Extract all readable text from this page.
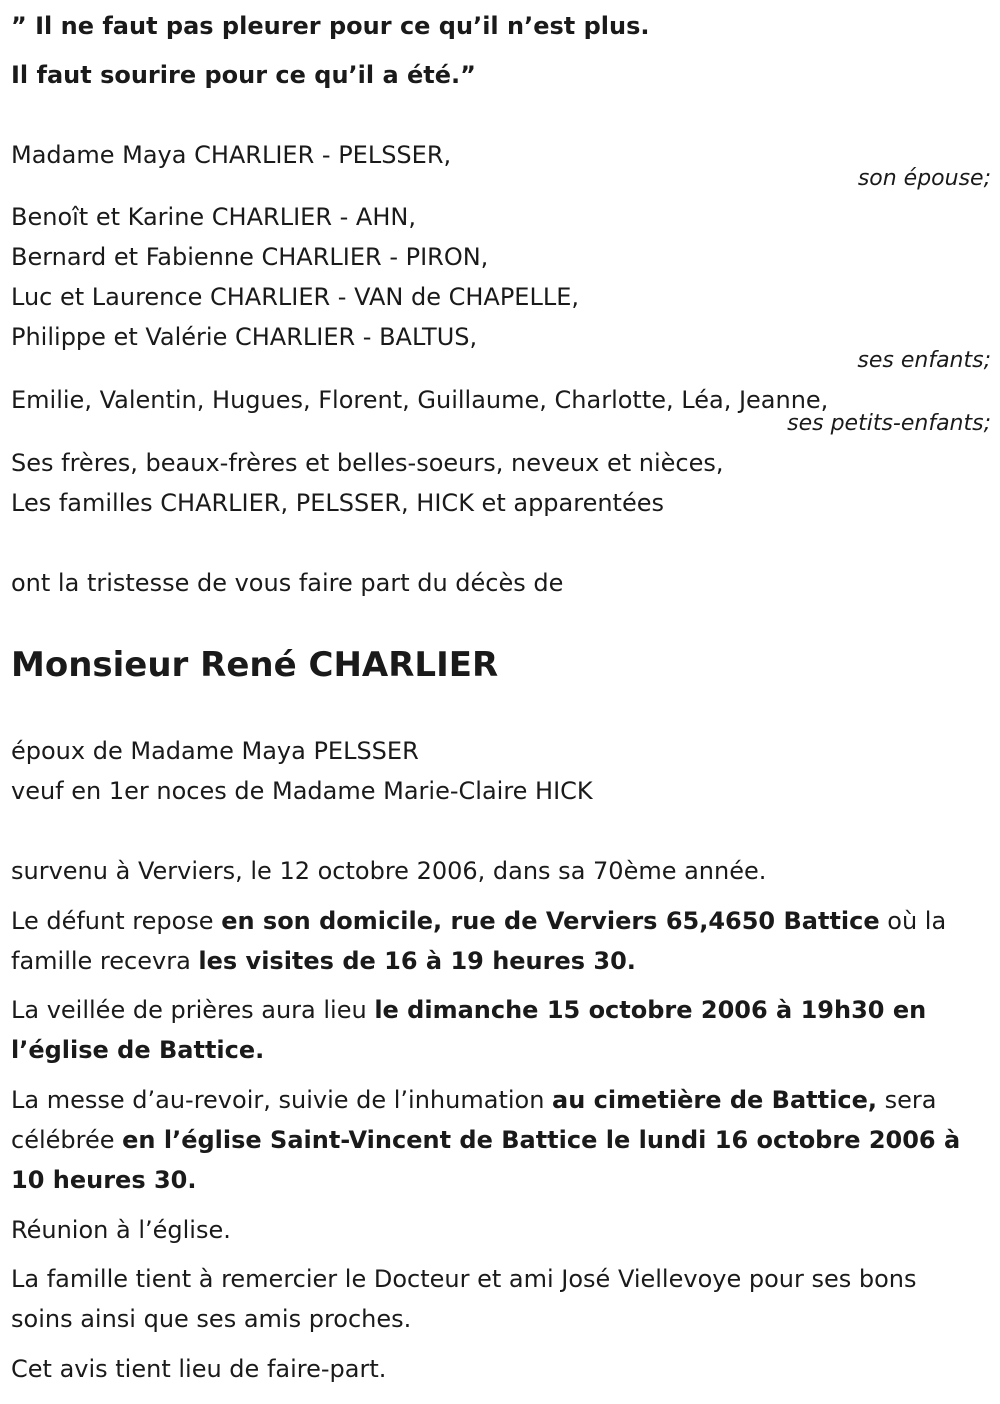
” Il ne faut pas pleurer pour ce qu’il n’est plus.
Il faut sourire pour ce qu’il a été.”
Madame Maya CHARLIER - PELSSER,
son épouse;
Benoît et Karine CHARLIER - AHN,
Bernard et Fabienne CHARLIER - PIRON,
Luc et Laurence CHARLIER - VAN de CHAPELLE,
Philippe et Valérie CHARLIER - BALTUS,
ses enfants;
Emilie, Valentin, Hugues, Florent, Guillaume, Charlotte, Léa, Jeanne,
ses petits-enfants;
Ses frères, beaux-frères et belles-soeurs, neveux et nièces,
Les familles CHARLIER, PELSSER, HICK et apparentées
ont la tristesse de vous faire part du décès de
Monsieur René CHARLIER
époux de Madame Maya PELSSER
veuf en 1er noces de Madame Marie-Claire HICK
survenu à Verviers, le 12 octobre 2006, dans sa 70ème année.

Le défunt repose en son domicile, rue de Verviers 65,4650 Battice où la famille recevra les visites de 16 à 19 heures 30.

La veillée de prières aura lieu le dimanche 15 octobre 2006 à 19h30 en l’église de Battice.

La messe d’au-revoir, suivie de l’inhumation au cimetière de Battice, sera célébrée en l’église Saint-Vincent de Battice le lundi 16 octobre 2006 à 10 heures 30.

Réunion à l’église.

La famille tient à remercier le Docteur et ami José Viellevoye pour ses bons soins ainsi que ses amis proches.

Cet avis tient lieu de faire-part.
